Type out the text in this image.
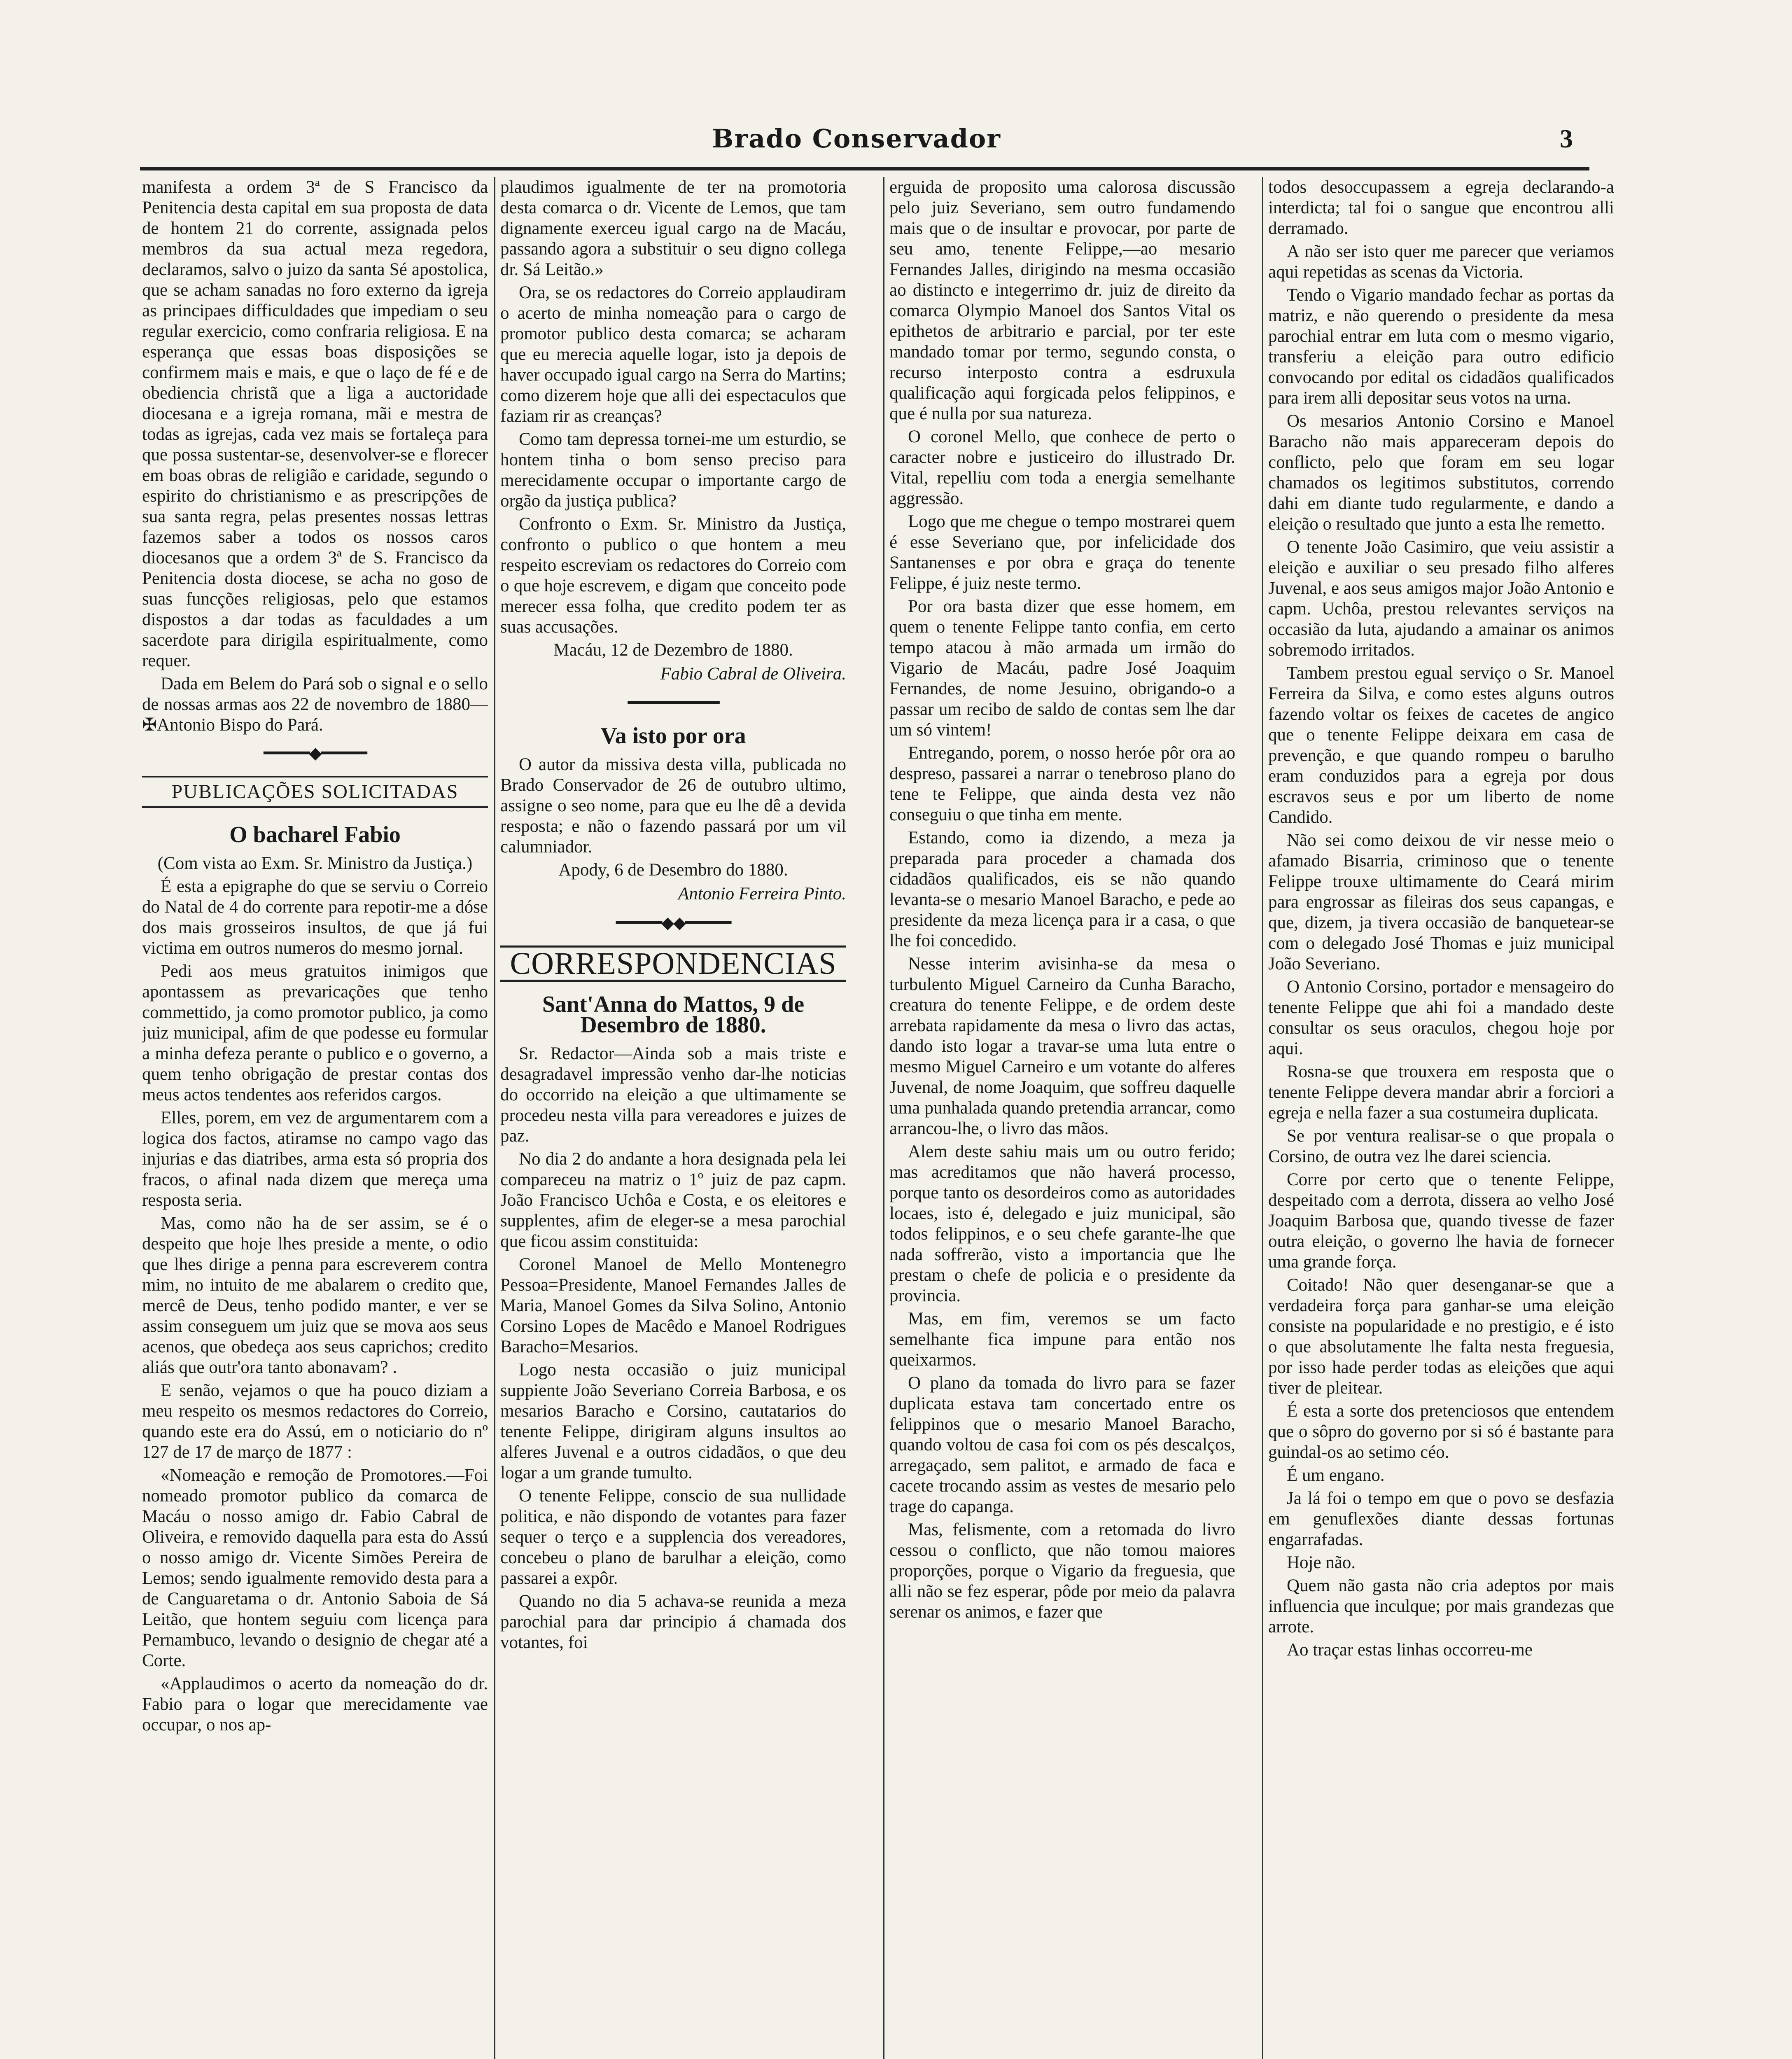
Brado Conservador	3

manifesta a ordem 3ª de S Francisco da Penitencia desta capital em sua proposta de data de hontem 21 do corrente, assignada pelos membros da sua actual meza regedora, declaramos, salvo o juizo da santa Sé apostolica, que se acham sanadas no foro externo da igreja as principaes difficuldades que impediam o seu regular exercicio, como confraria religiosa. E na esperança que essas boas disposições se confirmem mais e mais, e que o laço de fé e de obediencia christã que a liga a auctoridade diocesana e a igreja romana, mãi e mestra de todas as igrejas, cada vez mais se fortaleça para que possa sustentar-se, desenvolver-se e florecer em boas obras de religião e caridade, segundo o espirito do christianismo e as prescripções de sua santa regra, pelas presentes nossas lettras fazemos saber a todos os nossos caros diocesanos que a ordem 3ª de S. Francisco da Penitencia dosta diocese, se acha no goso de suas funcções religiosas, pelo que estamos dispostos a dar todas as faculdades a um sacerdote para dirigila espiritualmente, como requer.

Dada em Belem do Pará sob o signal e o sello de nossas armas aos 22 de novembro de 1880—✠Antonio Bispo do Pará.

━━━━━◆━━━━━
PUBLICAÇÕES SOLICITADAS
O bacharel Fabio

(Com vista ao Exm. Sr. Ministro da Justiça.)

É esta a epigraphe do que se serviu o Correio do Natal de 4 do corrente para repotir-me a dóse dos mais grosseiros insultos, de que já fui victima em outros numeros do mesmo jornal.

Pedi aos meus gratuitos inimigos que apontassem as prevaricações que tenho commettido, ja como promotor publico, ja como juiz municipal, afim de que podesse eu formular a minha defeza perante o publico e o governo, a quem tenho obrigação de prestar contas dos meus actos tendentes aos referidos cargos.

Elles, porem, em vez de argumentarem com a logica dos factos, atiramse no campo vago das injurias e das diatribes, arma esta só propria dos fracos, o afinal nada dizem que mereça uma resposta seria.

Mas, como não ha de ser assim, se é o despeito que hoje lhes preside a mente, o odio que lhes dirige a penna para escreverem contra mim, no intuito de me abalarem o credito que, mercê de Deus, tenho podido manter, e ver se assim conseguem um juiz que se mova aos seus acenos, que obedeça aos seus caprichos; credito aliás que outr'ora tanto abonavam? .

E senão, vejamos o que ha pouco diziam a meu respeito os mesmos redactores do Correio, quando este era do Assú, em o noticiario do nº 127 de 17 de março de 1877 :

«Nomeação e remoção de Promotores.—Foi nomeado promotor publico da comarca de Macáu o nosso amigo dr. Fabio Cabral de Oliveira, e removido daquella para esta do Assú o nosso amigo dr. Vicente Simões Pereira de Lemos; sendo igualmente removido desta para a de Canguaretama o dr. Antonio Saboia de Sá Leitão, que hontem seguiu com licença para Pernambuco, levando o designio de chegar até a Corte.

«Applaudimos o acerto da nomeação do dr. Fabio para o logar que merecidamente vae occupar, o nos ap-

plaudimos igualmente de ter na promotoria desta comarca o dr. Vicente de Lemos, que tam dignamente exerceu igual cargo na de Macáu, passando agora a substituir o seu digno collega dr. Sá Leitão.»

Ora, se os redactores do Correio applaudiram o acerto de minha nomeação para o cargo de promotor publico desta comarca; se acharam que eu merecia aquelle logar, isto ja depois de haver occupado igual cargo na Serra do Martins; como dizerem hoje que alli dei espectaculos que faziam rir as creanças?

Como tam depressa tornei-me um esturdio, se hontem tinha o bom senso preciso para merecidamente occupar o importante cargo de orgão da justiça publica?

Confronto o Exm. Sr. Ministro da Justiça, confronto o publico o que hontem a meu respeito escreviam os redactores do Correio com o que hoje escrevem, e digam que conceito pode merecer essa folha, que credito podem ter as suas accusações.

Macáu, 12 de Dezembro de 1880.

Fabio Cabral de Oliveira.

━━━━━━━━━━
Va isto por ora

O autor da missiva desta villa, publicada no Brado Conservador de 26 de outubro ultimo, assigne o seo nome, para que eu lhe dê a devida resposta; e não o fazendo passará por um vil calumniador.

Apody, 6 de Desembro do 1880.

Antonio Ferreira Pinto.

━━━━━◆◆━━━━━
CORRESPONDENCIAS
Sant'Anna do Mattos, 9 de Desembro de 1880.

Sr. Redactor—Ainda sob a mais triste e desagradavel impressão venho dar-lhe noticias do occorrido na eleição a que ultimamente se procedeu nesta villa para vereadores e juizes de paz.

No dia 2 do andante a hora designada pela lei compareceu na matriz o 1º juiz de paz capm. João Francisco Uchôa e Costa, e os eleitores e supplentes, afim de eleger-se a mesa parochial que ficou assim constituida:

Coronel Manoel de Mello Montenegro Pessoa=Presidente, Manoel Fernandes Jalles de Maria, Manoel Gomes da Silva Solino, Antonio Corsino Lopes de Macêdo e Manoel Rodrigues Baracho=Mesarios.

Logo nesta occasião o juiz municipal suppiente João Severiano Correia Barbosa, e os mesarios Baracho e Corsino, cautatarios do tenente Felippe, dirigiram alguns insultos ao alferes Juvenal e a outros cidadãos, o que deu logar a um grande tumulto.

O tenente Felippe, conscio de sua nullidade politica, e não dispondo de votantes para fazer sequer o terço e a supplencia dos vereadores, concebeu o plano de barulhar a eleição, como passarei a expôr.

Quando no dia 5 achava-se reunida a meza parochial para dar principio á chamada dos votantes, foi

erguida de proposito uma calorosa discussão pelo juiz Severiano, sem outro fundamendo mais que o de insultar e provocar, por parte de seu amo, tenente Felippe,—ao mesario Fernandes Jalles, dirigindo na mesma occasião ao distincto e integerrimo dr. juiz de direito da comarca Olympio Manoel dos Santos Vital os epithetos de arbitrario e parcial, por ter este mandado tomar por termo, segundo consta, o recurso interposto contra a esdruxula qualificação aqui forgicada pelos felippinos, e que é nulla por sua natureza.

O coronel Mello, que conhece de perto o caracter nobre e justiceiro do illustrado Dr. Vital, repelliu com toda a energia semelhante aggressão.

Logo que me chegue o tempo mostrarei quem é esse Severiano que, por infelicidade dos Santanenses e por obra e graça do tenente Felippe, é juiz neste termo.

Por ora basta dizer que esse homem, em quem o tenente Felippe tanto confia, em certo tempo atacou à mão armada um irmão do Vigario de Macáu, padre José Joaquim Fernandes, de nome Jesuino, obrigando-o a passar um recibo de saldo de contas sem lhe dar um só vintem!

Entregando, porem, o nosso heróe pôr ora ao despreso, passarei a narrar o tenebroso plano do tene te Felippe, que ainda desta vez não conseguiu o que tinha em mente.

Estando, como ia dizendo, a meza ja preparada para proceder a chamada dos cidadãos qualificados, eis se não quando levanta-se o mesario Manoel Baracho, e pede ao presidente da meza licença para ir a casa, o que lhe foi concedido.

Nesse interim avisinha-se da mesa o turbulento Miguel Carneiro da Cunha Baracho, creatura do tenente Felippe, e de ordem deste arrebata rapidamente da mesa o livro das actas, dando isto logar a travar-se uma luta entre o mesmo Miguel Carneiro e um votante do alferes Juvenal, de nome Joaquim, que soffreu daquelle uma punhalada quando pretendia arrancar, como arrancou-lhe, o livro das mãos.

Alem deste sahiu mais um ou outro ferido; mas acreditamos que não haverá processo, porque tanto os desordeiros como as autoridades locaes, isto é, delegado e juiz municipal, são todos felippinos, e o seu chefe garante-lhe que nada soffrerão, visto a importancia que lhe prestam o chefe de policia e o presidente da provincia.

Mas, em fim, veremos se um facto semelhante fica impune para então nos queixarmos.

O plano da tomada do livro para se fazer duplicata estava tam concertado entre os felippinos que o mesario Manoel Baracho, quando voltou de casa foi com os pés descalços, arregaçado, sem palitot, e armado de faca e cacete trocando assim as vestes de mesario pelo trage do capanga.

Mas, felismente, com a retomada do livro cessou o conflicto, que não tomou maiores proporções, porque o Vigario da freguesia, que alli não se fez esperar, pôde por meio da palavra serenar os animos, e fazer que

todos desoccupassem a egreja declarando-a interdicta; tal foi o sangue que encontrou alli derramado.

A não ser isto quer me parecer que veriamos aqui repetidas as scenas da Victoria.

Tendo o Vigario mandado fechar as portas da matriz, e não querendo o presidente da mesa parochial entrar em luta com o mesmo vigario, transferiu a eleição para outro edificio convocando por edital os cidadãos qualificados para irem alli depositar seus votos na urna.

Os mesarios Antonio Corsino e Manoel Baracho não mais appareceram depois do conflicto, pelo que foram em seu logar chamados os legitimos substitutos, correndo dahi em diante tudo regularmente, e dando a eleição o resultado que junto a esta lhe remetto.

O tenente João Casimiro, que veiu assistir a eleição e auxiliar o seu presado filho alferes Juvenal, e aos seus amigos major João Antonio e capm. Uchôa, prestou relevantes serviços na occasião da luta, ajudando a amainar os animos sobremodo irritados.

Tambem prestou egual serviço o Sr. Manoel Ferreira da Silva, e como estes alguns outros fazendo voltar os feixes de cacetes de angico que o tenente Felippe deixara em casa de prevenção, e que quando rompeu o barulho eram conduzidos para a egreja por dous escravos seus e por um liberto de nome Candido.

Não sei como deixou de vir nesse meio o afamado Bisarria, criminoso que o tenente Felippe trouxe ultimamente do Ceará mirim para engrossar as fileiras dos seus capangas, e que, dizem, ja tivera occasião de banquetear-se com o delegado José Thomas e juiz municipal João Severiano.

O Antonio Corsino, portador e mensageiro do tenente Felippe que ahi foi a mandado deste consultar os seus oraculos, chegou hoje por aqui.

Rosna-se que trouxera em resposta que o tenente Felippe devera mandar abrir a forciori a egreja e nella fazer a sua costumeira duplicata.

Se por ventura realisar-se o que propala o Corsino, de outra vez lhe darei sciencia.

Corre por certo que o tenente Felippe, despeitado com a derrota, dissera ao velho José Joaquim Barbosa que, quando tivesse de fazer outra eleição, o governo lhe havia de fornecer uma grande força.

Coitado! Não quer desenganar-se que a verdadeira força para ganhar-se uma eleição consiste na popularidade e no prestigio, e é isto o que absolutamente lhe falta nesta freguesia, por isso hade perder todas as eleições que aqui tiver de pleitear.

É esta a sorte dos pretenciosos que entendem que o sôpro do governo por si só é bastante para guindal-os ao setimo céo.

É um engano.

Ja lá foi o tempo em que o povo se desfazia em genuflexões diante dessas fortunas engarrafadas.

Hoje não.

Quem não gasta não cria adeptos por mais influencia que inculque; por mais grandezas que arrote.

Ao traçar estas linhas occorreu-me
